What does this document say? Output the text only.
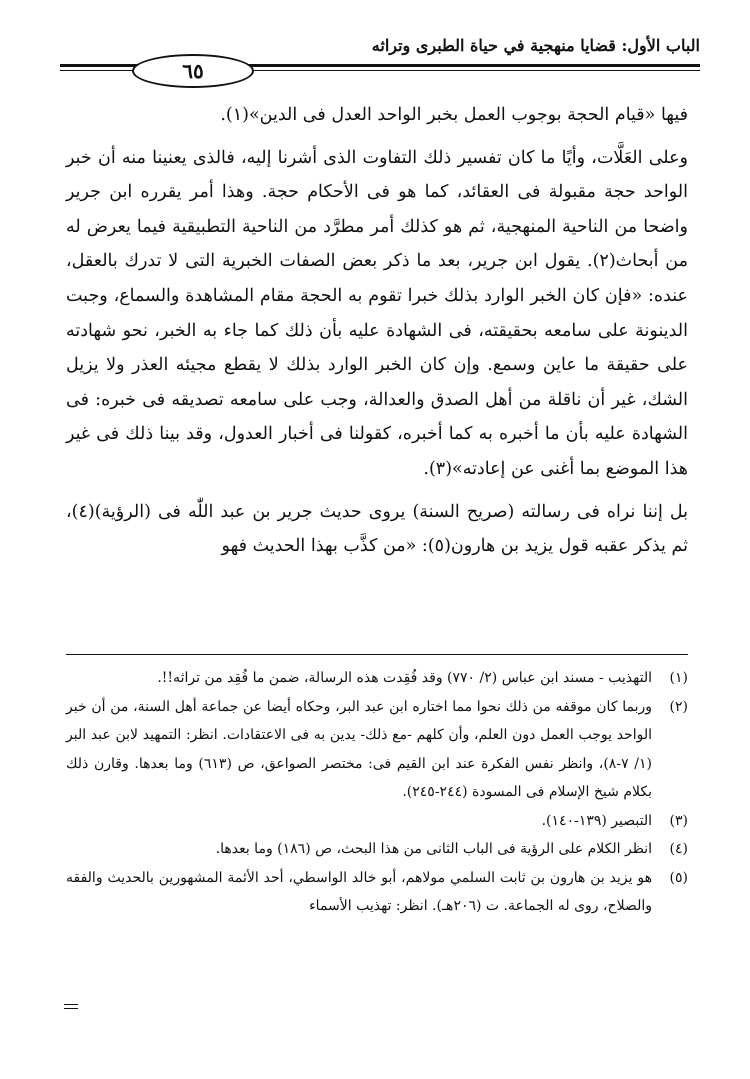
الباب الأول: قضايا منهجية في حياة الطبرى وتراثه
٦٥

فيها «قيام الحجة بوجوب العمل بخبر الواحد العدل فى الدين»(١).

وعلى العَلَّات، وأيًا ما كان تفسير ذلك التفاوت الذى أشرنا إليه، فالذى يعنينا منه أن خبر الواحد حجة مقبولة فى العقائد، كما هو فى الأحكام حجة. وهذا أمر يقرره ابن جرير واضحا من الناحية المنهجية، ثم هو كذلك أمر مطرَّد من الناحية التطبيقية فيما يعرض له من أبحاث(٢). يقول ابن جرير، بعد ما ذكر بعض الصفات الخبرية التى لا تدرك بالعقل، عنده: «فإن كان الخبر الوارد بذلك خبرا تقوم به الحجة مقام المشاهدة والسماع، وجبت الدينونة على سامعه بحقيقته، فى الشهادة عليه بأن ذلك كما جاء به الخبر، نحو شهادته على حقيقة ما عاين وسمع. وإن كان الخبر الوارد بذلك لا يقطع مجيئه العذر ولا يزيل الشك، غير أن ناقلة من أهل الصدق والعدالة، وجب على سامعه تصديقه فى خبره: فى الشهادة عليه بأن ما أخبره به كما أخبره، كقولنا فى أخبار العدول، وقد بينا ذلك فى غير هذا الموضع بما أغنى عن إعادته»(٣).

بل إننا نراه فى رسالته (صريح السنة) يروى حديث جرير بن عبد اللّٰه فى (الرؤية)(٤)، ثم يذكر عقبه قول يزيد بن هارون(٥): «من كذَّب بهذا الحديث فهو

(١)
التهذيب - مسند ابن عباس (٢/ ٧٧٠) وقد فُقِدت هذه الرسالة، ضمن ما فُقِد من تراثه!!.
(٢)
وربما كان موقفه من ذلك نحوا مما اختاره ابن عبد البر، وحكاه أيضا عن جماعة أهل السنة، من أن خبر الواحد يوجب العمل دون العلم، وأن كلهم -مع ذلك- يدين به فى الاعتقادات. انظر: التمهيد لابن عبد البر (١/ ٧-٨)، وانظر نفس الفكرة عند ابن القيم فى: مختصر الصواعق، ص (٦١٣) وما بعدها. وقارن ذلك بكلام شيخ الإسلام فى المسودة (٢٤٤-٢٤٥).
(٣)
التبصير (١٣٩-١٤٠).
(٤)
انظر الكلام على الرؤية فى الباب الثانى من هذا البحث، ص (١٨٦) وما بعدها.
(٥)
هو يزيد بن هارون بن ثابت السلمي مولاهم، أبو خالد الواسطي، أحد الأئمة المشهورين بالحديث والفقه والصلاح، روى له الجماعة. ت (٢٠٦هـ). انظر: تهذيب الأسماء
